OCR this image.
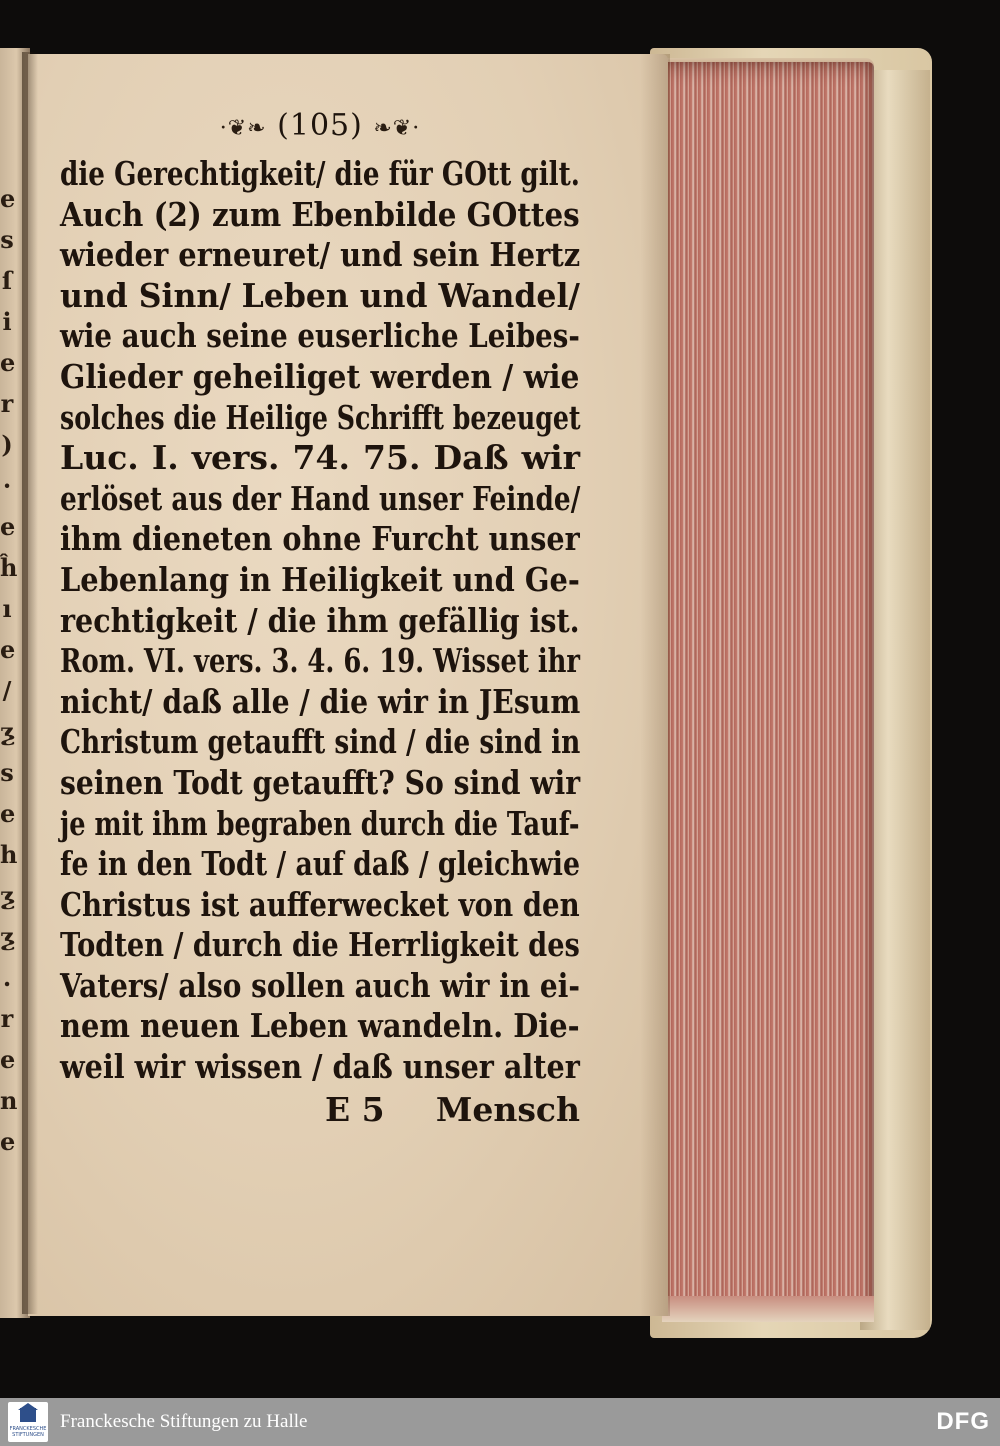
e
s
ſ
i
e
r
)
·
e
ĥ
ı
e
/
ƺ
s
e
h
ƺ
ƺ
.
r
e
n
e
·❦❧ (105) ❧❦·
die Gerechtigkeit/ die für GOtt gilt.
Auch (2) zum Ebenbilde GOttes
wieder erneuret/ und sein Hertz
und Sinn/ Leben und Wandel/
wie auch seine euserliche Leibes-
Glieder geheiliget werden / wie
solches die Heilige Schrifft bezeuget
Luc. I. vers. 74. 75. Daß wir
erlöset aus der Hand unser Feinde/
ihm dieneten ohne Furcht unser
Lebenlang in Heiligkeit und Ge-
rechtigkeit / die ihm gefällig ist.
Rom. VI. vers. 3. 4. 6. 19. Wisset ihr
nicht/ daß alle / die wir in JEsum
Christum getaufft sind / die sind in
seinen Todt getaufft? So sind wir
je mit ihm begraben durch die Tauf-
fe in den Todt / auf daß / gleichwie
Christus ist aufferwecket von den
Todten / durch die Herrligkeit des
Vaters/ also sollen auch wir in ei-
nem neuen Leben wandeln. Die-
weil wir wissen / daß unser alter
E 5 Mensch
FRANCKESCHE STIFTUNGEN
Franckesche Stiftungen zu Halle	DFG
